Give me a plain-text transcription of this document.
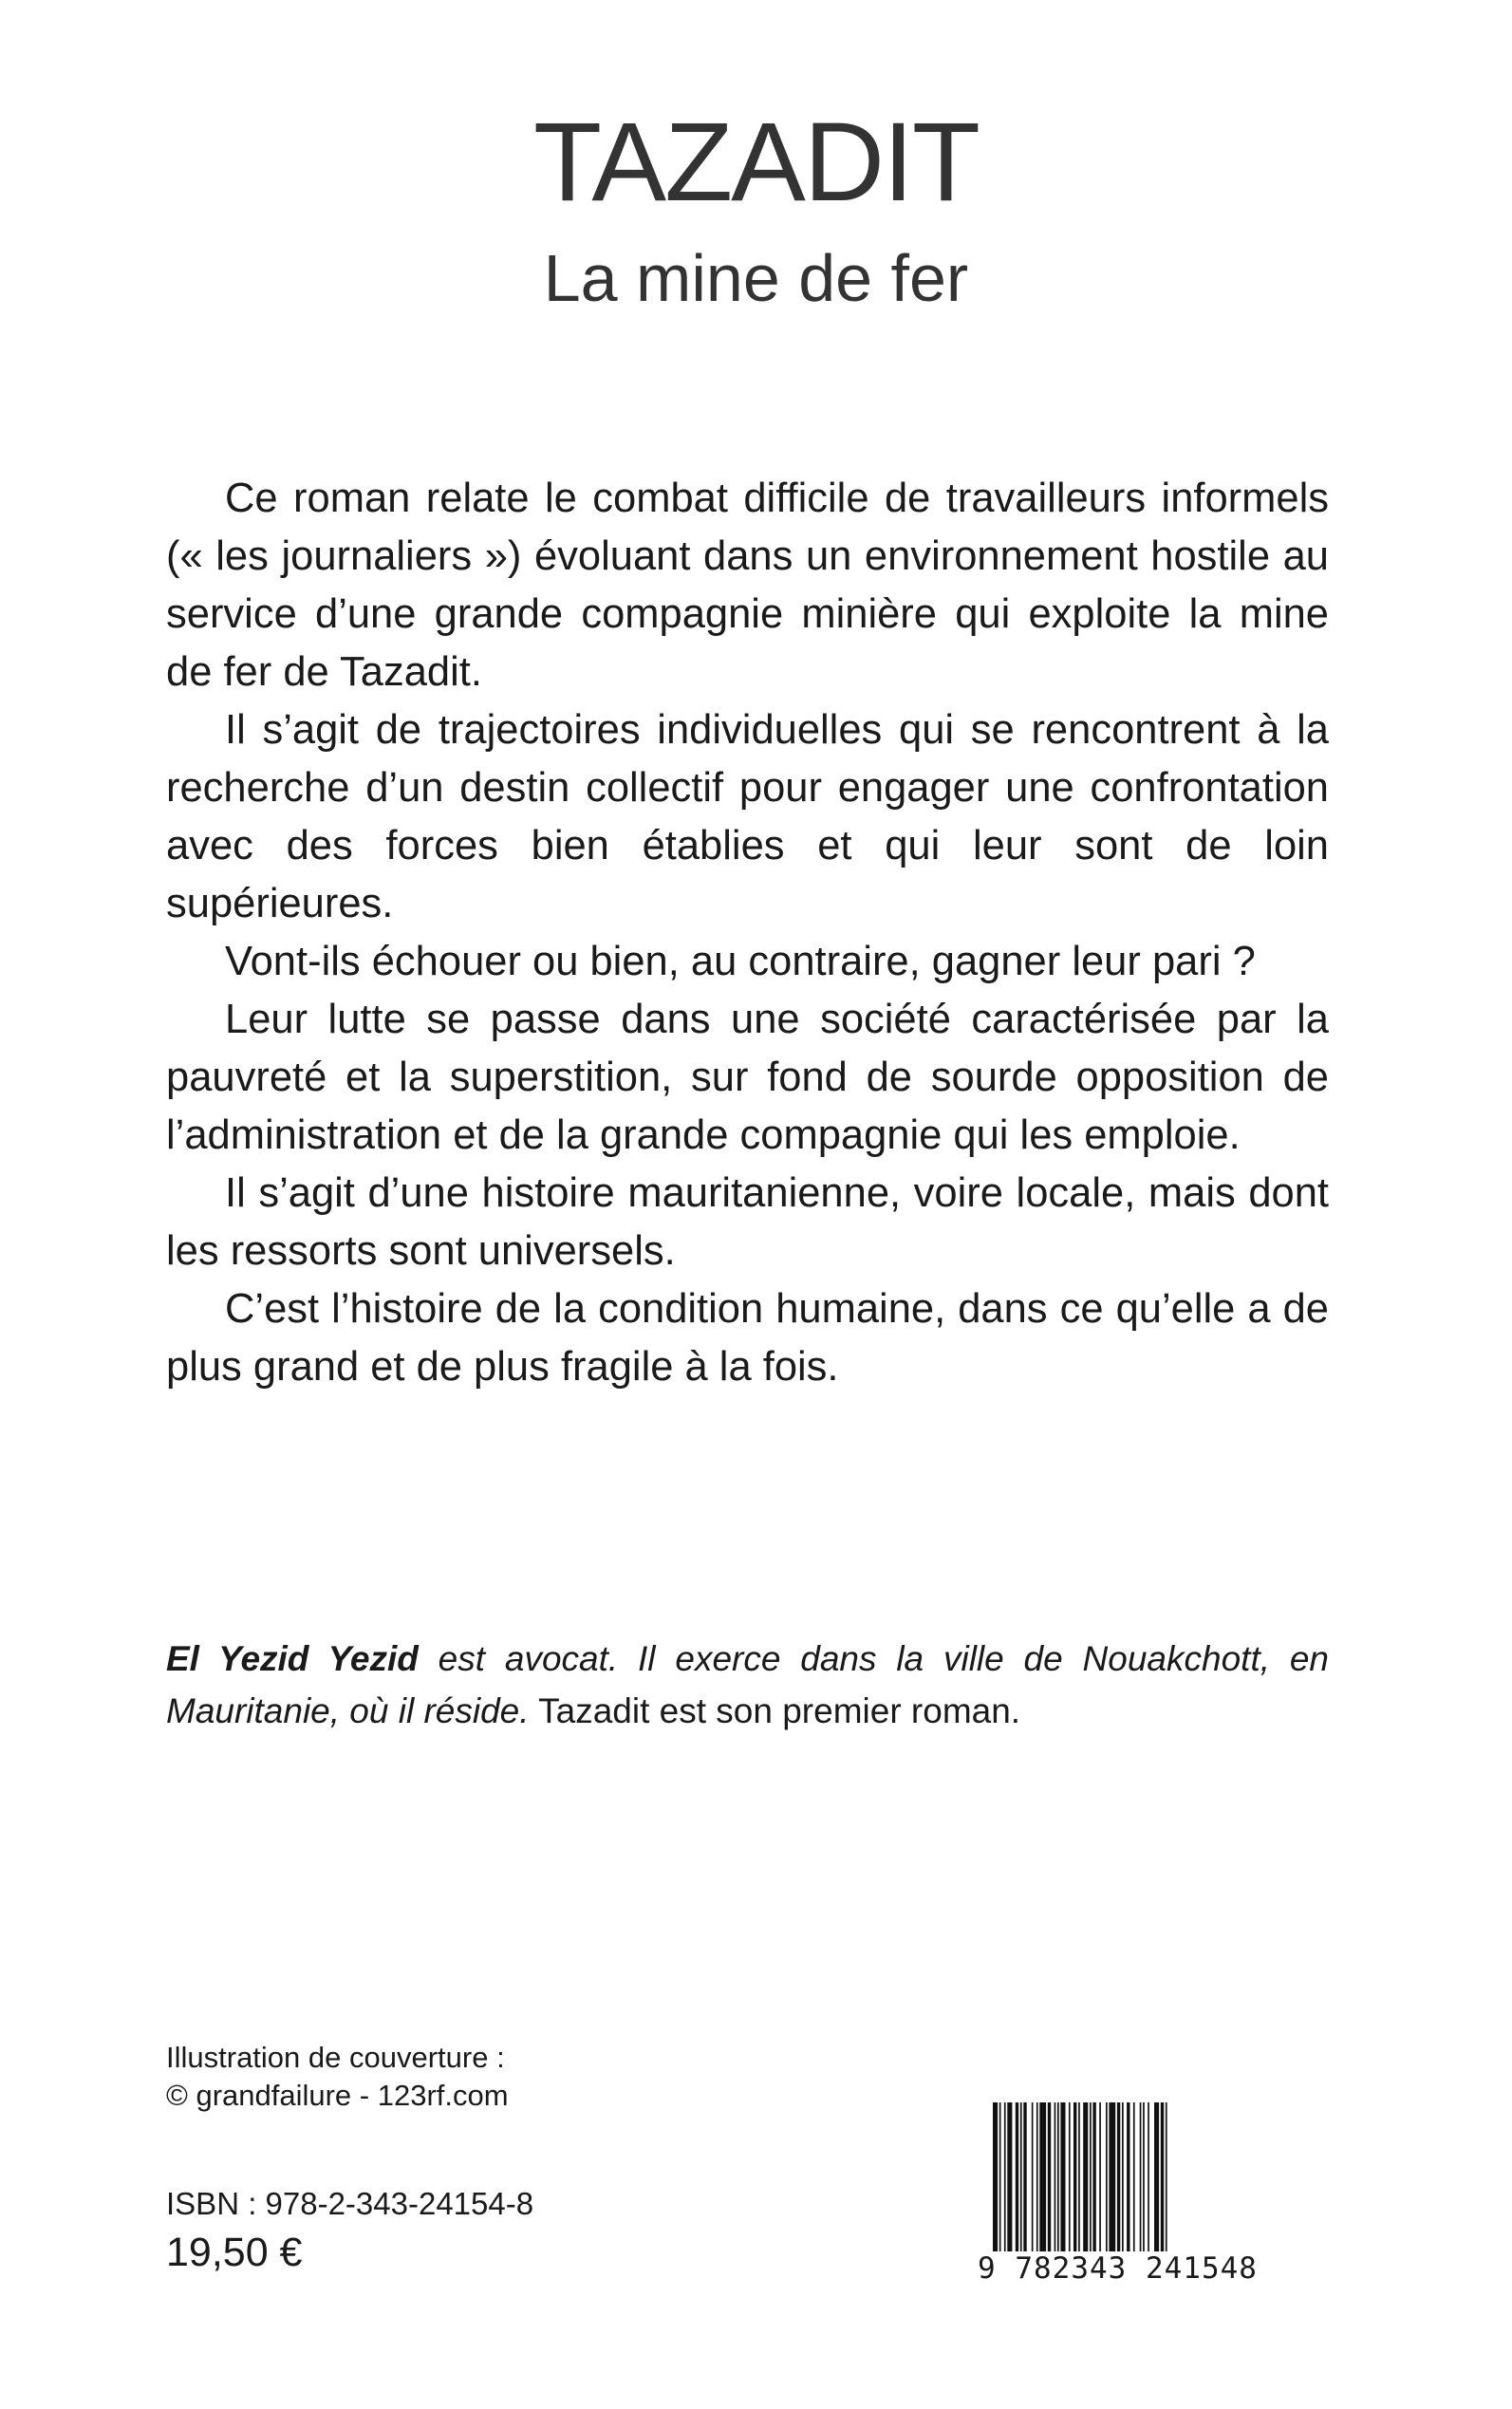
TAZADIT
La mine de fer

Ce roman relate le combat difficile de travailleurs informels (« les journaliers ») évoluant dans un environnement hostile au service d’une grande compagnie minière qui exploite la mine de fer de Tazadit.

Il s’agit de trajectoires individuelles qui se rencontrent à la recherche d’un destin collectif pour engager une confrontation avec des forces bien établies et qui leur sont de loin supérieures.

Vont-ils échouer ou bien, au contraire, gagner leur pari ?

Leur lutte se passe dans une société caractérisée par la pauvreté et la superstition, sur fond de sourde opposition de l’administration et de la grande compagnie qui les emploie.

Il s’agit d’une histoire mauritanienne, voire locale, mais dont les ressorts sont universels.

C’est l’histoire de la condition humaine, dans ce qu’elle a de plus grand et de plus fragile à la fois.

El Yezid Yezid est avocat. Il exerce dans la ville de Nouakchott, en Mauritanie, où il réside. Tazadit est son premier roman.
Illustration de couverture :
© grandfailure - 123rf.com
ISBN : 978-2-343-24154-8
19,50 €	9 782343 241548
